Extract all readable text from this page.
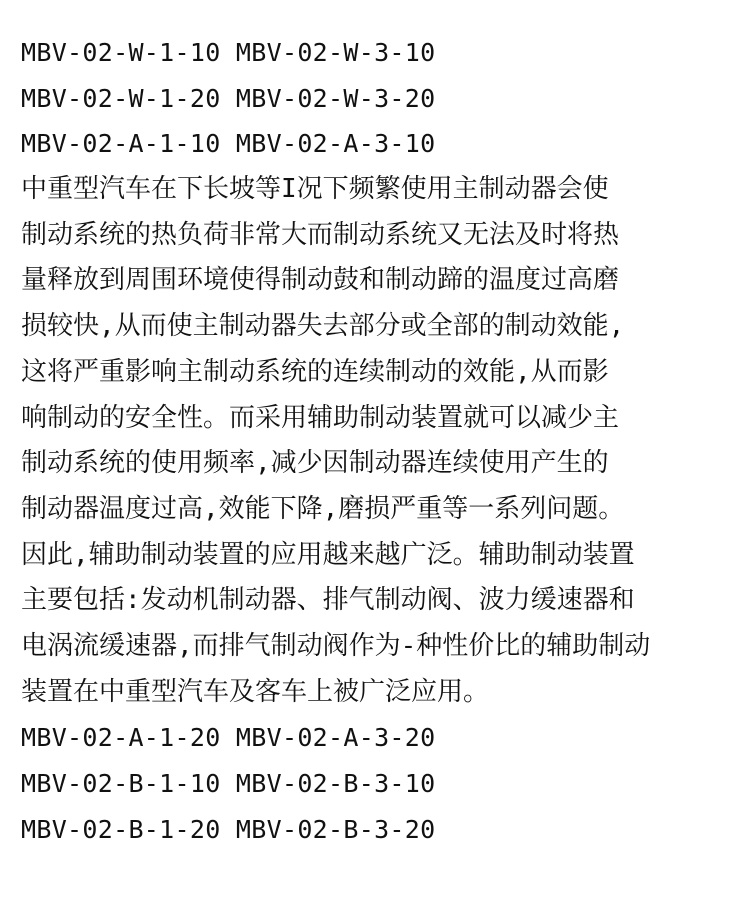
MBV-02-W-1-10 MBV-02-W-3-10
MBV-02-W-1-20 MBV-02-W-3-20
MBV-02-A-1-10 MBV-02-A-3-10
中重型汽车在下长坡等I况下频繁使用主制动器会使
制动系统的热负荷非常大而制动系统又无法及时将热
量释放到周围环境使得制动鼓和制动蹄的温度过高磨
损较快,从而使主制动器失去部分或全部的制动效能,
这将严重影响主制动系统的连续制动的效能,从而影
响制动的安全性。而采用辅助制动装置就可以减少主
制动系统的使用频率,减少因制动器连续使用产生的
制动器温度过高,效能下降,磨损严重等一系列问题。
因此,辅助制动装置的应用越来越广泛。辅助制动装置
主要包括:发动机制动器、排气制动阀、波力缓速器和
电涡流缓速器,而排气制动阀作为-种性价比的辅助制动
装置在中重型汽车及客车上被广泛应用。
MBV-02-A-1-20 MBV-02-A-3-20
MBV-02-B-1-10 MBV-02-B-3-10
MBV-02-B-1-20 MBV-02-B-3-20
